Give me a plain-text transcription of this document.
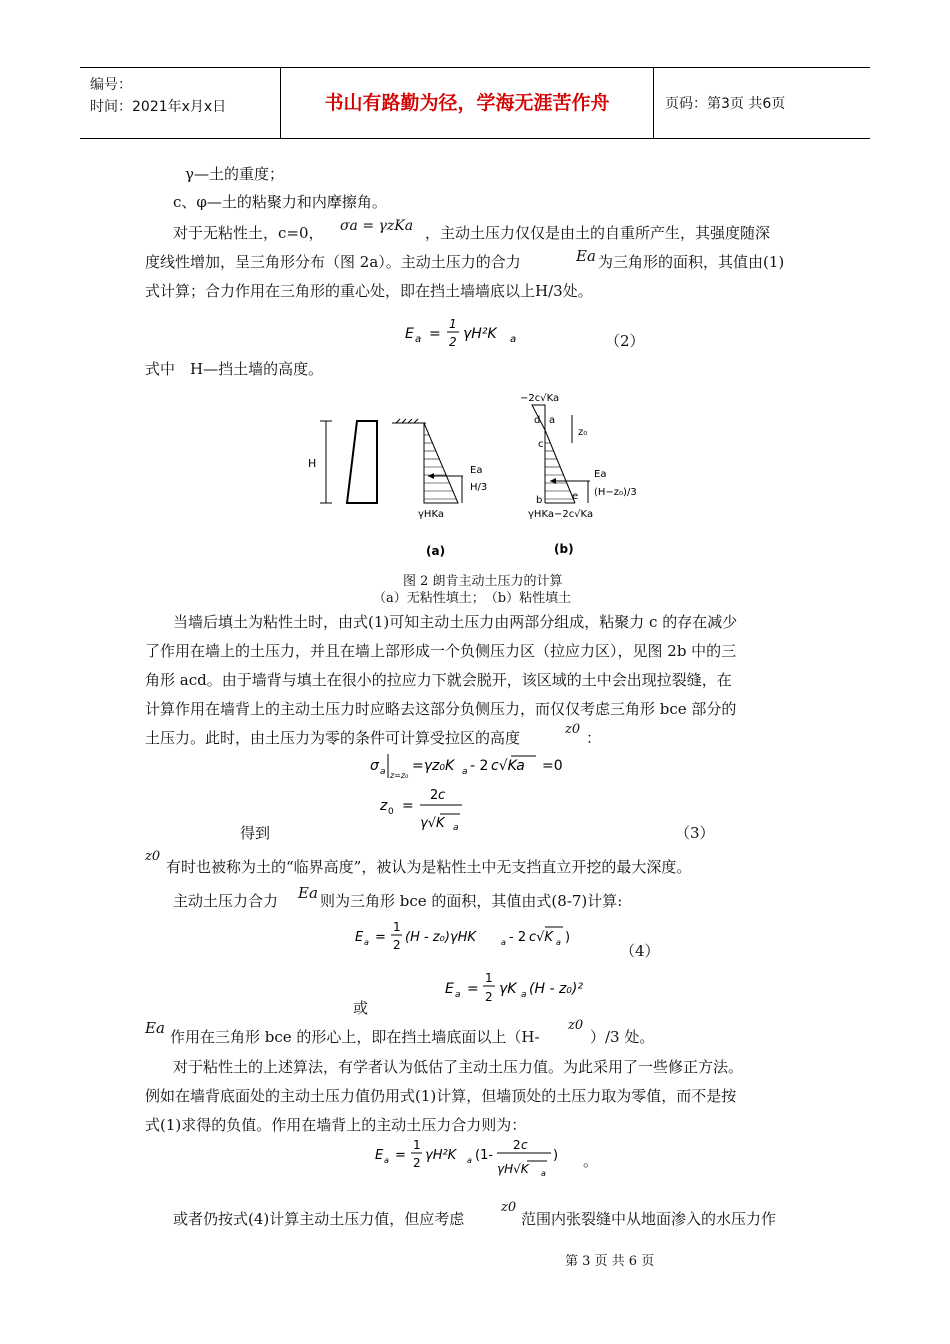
编号：
时间：2021年x月x日	书山有路勤为径，学海无涯苦作舟	页码：第3页 共6页
γ—土的重度；
c、φ—土的粘聚力和内摩擦角。
对于无粘性土，c=0， σa = γzKa ，主动土压力仅仅是由土的自重所产生，其强度随深
度线性增加，呈三角形分布（图 2a）。主动土压力的合力	Ea 为三角形的面积，其值由(1)
式计算；合力作用在三角形的重心处，即在挡土墙墙底以上H/3处。
E a =
1
2 γH²K a	（2）
式中　H—挡土墙的高度。
H
Ea
H/3
γHKa
(a)
−2c√Ka
d a
c
b	e
z₀
Ea
(H−z₀)/3
γHKa−2c√Ka
(b)
图 2 朗肯主动土压力的计算
（a）无粘性填土；　（b）粘性填土
当墙后填土为粘性土时，由式(1)可知主动土压力由两部分组成，粘聚力 c 的存在减少
了作用在墙上的土压力，并且在墙上部形成一个负侧压力区（拉应力区），见图 2b 中的三
角形 acd。由于墙背与填土在很小的拉应力下就会脱开，该区域的土中会出现拉裂缝，在
计算作用在墙背上的主动土压力时应略去这部分负侧压力，而仅仅考虑三角形 bce 部分的
土压力。此时，由土压力为零的条件可计算受拉区的高度	z0 ：
σ a z=z₀
=γz₀K a - 2 c√Ka =0
z 0 =
2 c
γ√K a
得到	（3）
z0
有时也被称为土的“临界高度”，被认为是粘性土中无支挡直立开挖的最大深度。
主动土压力合力 Ea 则为三角形 bce 的面积，其值由式(8-7)计算:
E a =
1
2 (H - z₀)γHK	a - 2 c√K a )
（4）
E a =
1
2 γK a (H - z₀)²
或
Ea 作用在三角形 bce 的形心上，即在挡土墙底面以上（H-
z0
）/3 处。
对于粘性土的上述算法，有学者认为低估了主动土压力值。为此采用了一些修正方法。
例如在墙背底面处的主动土压力值仍用式(1)计算，但墙顶处的土压力取为零值，而不是按
式(1)求得的负值。作用在墙背上的主动土压力合力则为：
E a =
1
2 γH²K a (1-
2 c
γH√K a
) 。
或者仍按式(4)计算主动土压力值，但应考虑
z0
范围内张裂缝中从地面渗入的水压力作
第 3 页 共 6 页
